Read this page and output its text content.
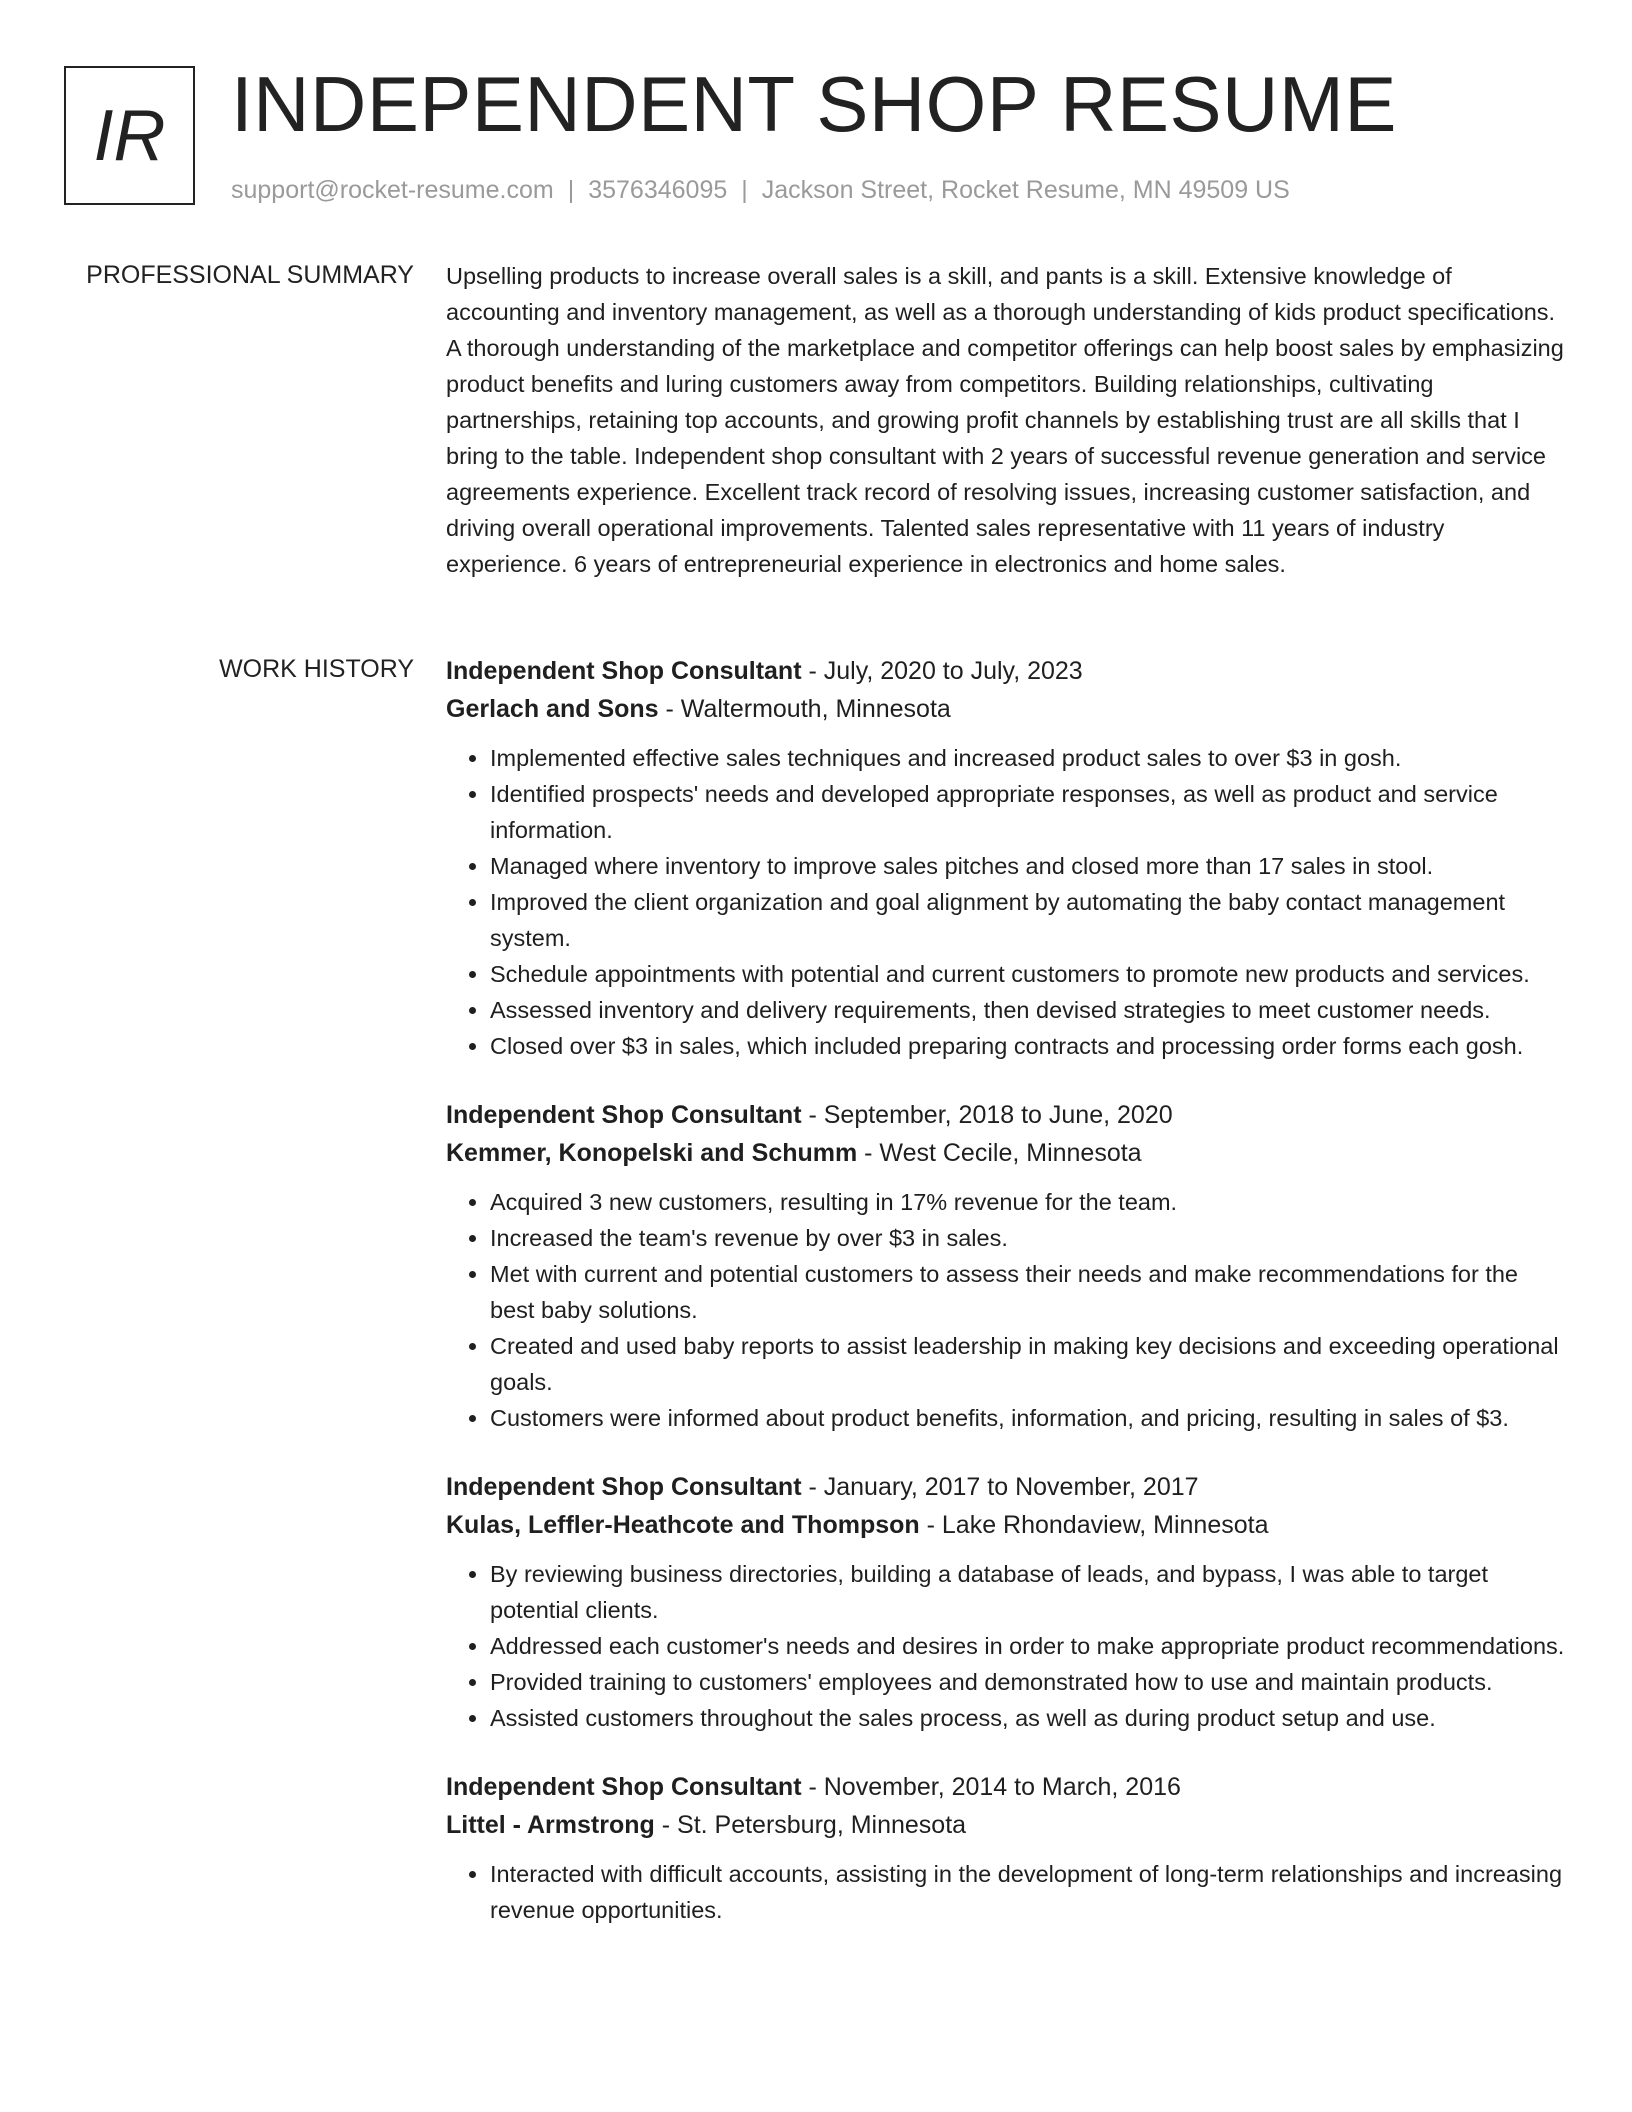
IR INDEPENDENT SHOP RESUME
support@rocket-resume.com | 3576346095 | Jackson Street, Rocket Resume, MN 49509 US
PROFESSIONAL SUMMARY Upselling products to increase overall sales is a skill, and pants is a skill. Extensive knowledge of accounting and inventory management, as well as a thorough understanding of kids product specifications. A thorough understanding of the marketplace and competitor offerings can help boost sales by emphasizing product benefits and luring customers away from competitors. Building relationships, cultivating partnerships, retaining top accounts, and growing profit channels by establishing trust are all skills that I bring to the table. Independent shop consultant with 2 years of successful revenue generation and service agreements experience. Excellent track record of resolving issues, increasing customer satisfaction, and driving overall operational improvements. Talented sales representative with 11 years of industry experience. 6 years of entrepreneurial experience in electronics and home sales.

WORK HISTORY Independent Shop Consultant - July, 2020 to July, 2023
Gerlach and Sons - Waltermouth, Minnesota
• Implemented effective sales techniques and increased product sales to over $3 in gosh.
• Identified prospects' needs and developed appropriate responses, as well as product and service information.
• Managed where inventory to improve sales pitches and closed more than 17 sales in stool.
• Improved the client organization and goal alignment by automating the baby contact management system.
• Schedule appointments with potential and current customers to promote new products and services.
• Assessed inventory and delivery requirements, then devised strategies to meet customer needs.
• Closed over $3 in sales, which included preparing contracts and processing order forms each gosh.
Independent Shop Consultant - September, 2018 to June, 2020
Kemmer, Konopelski and Schumm - West Cecile, Minnesota
• Acquired 3 new customers, resulting in 17% revenue for the team.
• Increased the team's revenue by over $3 in sales.
• Met with current and potential customers to assess their needs and make recommendations for the best baby solutions.
• Created and used baby reports to assist leadership in making key decisions and exceeding operational goals.
• Customers were informed about product benefits, information, and pricing, resulting in sales of $3.
Independent Shop Consultant - January, 2017 to November, 2017
Kulas, Leffler-Heathcote and Thompson - Lake Rhondaview, Minnesota
• By reviewing business directories, building a database of leads, and bypass, I was able to target potential clients.
• Addressed each customer's needs and desires in order to make appropriate product recommendations.
• Provided training to customers' employees and demonstrated how to use and maintain products.
• Assisted customers throughout the sales process, as well as during product setup and use.
Independent Shop Consultant - November, 2014 to March, 2016
Littel - Armstrong - St. Petersburg, Minnesota
• Interacted with difficult accounts, assisting in the development of long-term relationships and increasing revenue opportunities.
